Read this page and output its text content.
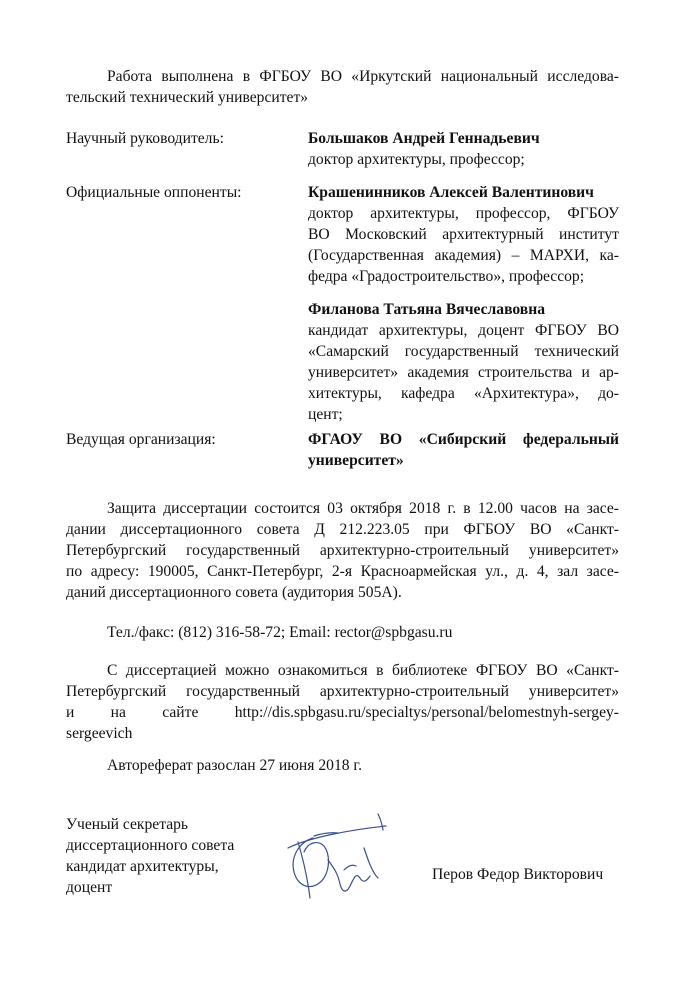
Работа выполнена в ФГБОУ ВО «Иркутский национальный исследова-
тельский технический университет»
Научный руководитель:	Большаков Андрей Геннадьевич
доктор архитектуры, профессор;
Официальные оппоненты:	Крашенинников Алексей Валентинович
доктор архитектуры, профессор, ФГБОУ
ВО Московский архитектурный институт
(Государственная академия) – МАРХИ, ка-
федра «Градостроительство», профессор;
Филанова Татьяна Вячеславовна
кандидат архитектуры, доцент ФГБОУ ВО
«Самарский государственный технический
университет» академия строительства и ар-
хитектуры, кафедра «Архитектура», до-
цент;
Ведущая организация:	ФГАОУ ВО «Сибирский федеральный
университет»
Защита диссертации состоится 03 октября 2018 г. в 12.00 часов на засе-
дании диссертационного совета Д 212.223.05 при ФГБОУ ВО «Санкт-
Петербургский государственный архитектурно-строительный университет»
по адресу: 190005, Санкт-Петербург, 2-я Красноармейская ул., д. 4, зал засе-
даний диссертационного совета (аудитория 505А).
Тел./факс: (812) 316-58-72; Email: rector@spbgasu.ru
С диссертацией можно ознакомиться в библиотеке ФГБОУ ВО «Санкт-
Петербургский государственный архитектурно-строительный университет»
и на сайте http://dis.spbgasu.ru/specialtys/personal/belomestnyh-sergey-
sergeevich
Автореферат разослан 27 июня 2018 г.
Ученый секретарь
диссертационного совета
кандидат архитектуры,
доцент
Перов Федор Викторович
